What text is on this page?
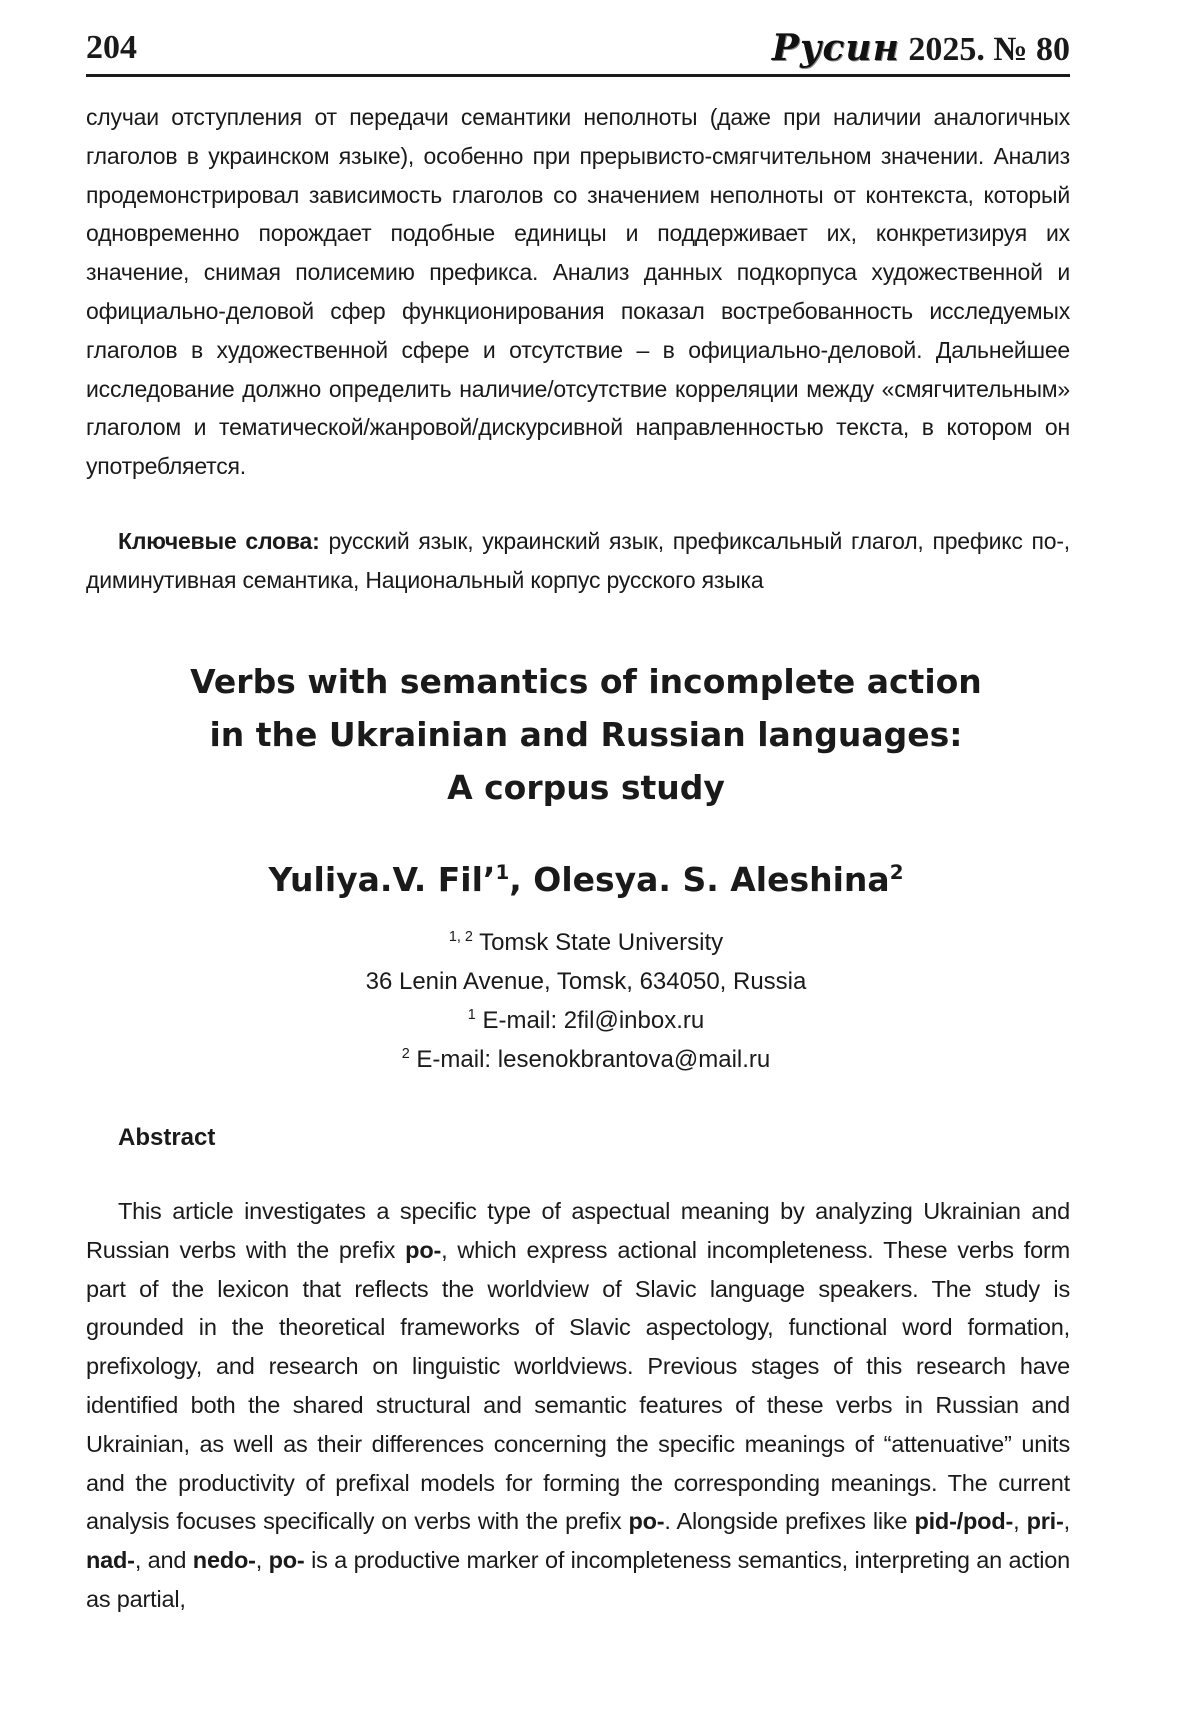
204	Русин 2025. № 80
случаи отступления от передачи семантики неполноты (даже при наличии аналогичных глаголов в украинском языке), особенно при прерывисто-смягчительном значении. Анализ продемонстрировал зависимость глаголов со значением неполноты от контекста, который одновременно порождает подобные единицы и поддерживает их, конкретизируя их значение, снимая полисемию префикса. Анализ данных подкорпуса художественной и официально-деловой сфер функционирования показал востребованность исследуемых глаголов в художественной сфере и отсутствие – в официально-деловой. Дальнейшее исследование должно определить наличие/отсутствие корреляции между «смягчительным» глаголом и тематической/жанровой/дискурсивной направленностью текста, в котором он употребляется.
Ключевые слова: русский язык, украинский язык, префиксальный глагол, префикс по-, диминутивная семантика, Национальный корпус русского языка
Verbs with semantics of incomplete action
in the Ukrainian and Russian languages:
A corpus study
Yuliya.V. Fil’$^1$, Olesya. S. Aleshina$^2$
$^{1, 2}$ Tomsk State University
36 Lenin Avenue, Tomsk, 634050, Russia
$^1$ E-mail: 2fil@inbox.ru
$^2$ E-mail: lesenokbrantova@mail.ru
Abstract
This article investigates a specific type of aspectual meaning by analyzing Ukrainian and Russian verbs with the prefix po-, which express actional incompleteness. These verbs form part of the lexicon that reflects the worldview of Slavic language speakers. The study is grounded in the theoretical frameworks of Slavic aspectology, functional word formation, prefixology, and research on linguistic worldviews. Previous stages of this research have identified both the shared structural and semantic features of these verbs in Russian and Ukrainian, as well as their differences concerning the specific meanings of “attenuative” units and the productivity of prefixal models for forming the corresponding meanings. The current analysis focuses specifically on verbs with the prefix po-. Alongside prefixes like pid-/pod-, pri-, nad-, and nedo-, po- is a productive marker of incompleteness semantics, interpreting an action as partial,
